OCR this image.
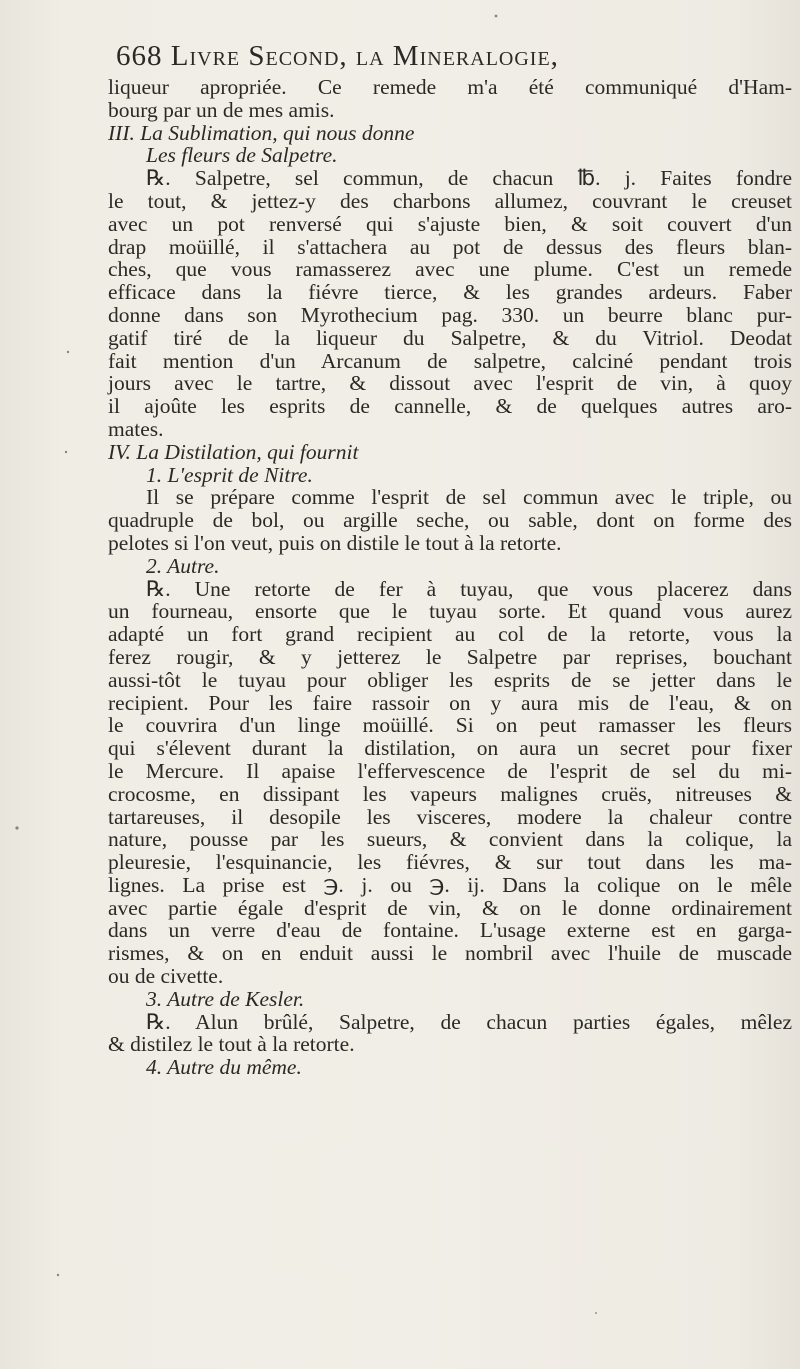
668 Livre Second, la Mineralogie,
liqueur apropriée. Ce remede m'a été communiqué d'Ham-
bourg par un de mes amis.
III. La Sublimation, qui nous donne
Les fleurs de Salpetre.
℞. Salpetre, sel commun, de chacun ℔. j. Faites fondre
le tout, & jettez-y des charbons allumez, couvrant le creuset
avec un pot renversé qui s'ajuste bien, & soit couvert d'un
drap moüillé, il s'attachera au pot de dessus des fleurs blan-
ches, que vous ramasserez avec une plume. C'est un remede
efficace dans la fiévre tierce, & les grandes ardeurs. Faber
donne dans son Myrothecium pag. 330. un beurre blanc pur-
gatif tiré de la liqueur du Salpetre, & du Vitriol. Deodat
fait mention d'un Arcanum de salpetre, calciné pendant trois
jours avec le tartre, & dissout avec l'esprit de vin, à quoy
il ajoûte les esprits de cannelle, & de quelques autres aro-
mates.
IV. La Distilation, qui fournit
1. L'esprit de Nitre.
Il se prépare comme l'esprit de sel commun avec le triple, ou
quadruple de bol, ou argille seche, ou sable, dont on forme des
pelotes si l'on veut, puis on distile le tout à la retorte.
2. Autre.
℞. Une retorte de fer à tuyau, que vous placerez dans
un fourneau, ensorte que le tuyau sorte. Et quand vous aurez
adapté un fort grand recipient au col de la retorte, vous la
ferez rougir, & y jetterez le Salpetre par reprises, bouchant
aussi-tôt le tuyau pour obliger les esprits de se jetter dans le
recipient. Pour les faire rassoir on y aura mis de l'eau, & on
le couvrira d'un linge moüillé. Si on peut ramasser les fleurs
qui s'élevent durant la distilation, on aura un secret pour fixer
le Mercure. Il apaise l'effervescence de l'esprit de sel du mi-
crocosme, en dissipant les vapeurs malignes cruës, nitreuses &
tartareuses, il desopile les visceres, modere la chaleur contre
nature, pousse par les sueurs, & convient dans la colique, la
pleuresie, l'esquinancie, les fiévres, & sur tout dans les ma-
lignes. La prise est ℈. j. ou ℈. ij. Dans la colique on le mêle
avec partie égale d'esprit de vin, & on le donne ordinairement
dans un verre d'eau de fontaine. L'usage externe est en garga-
rismes, & on en enduit aussi le nombril avec l'huile de muscade
ou de civette.
3. Autre de Kesler.
℞. Alun brûlé, Salpetre, de chacun parties égales, mêlez
& distilez le tout à la retorte.
4. Autre du même.
